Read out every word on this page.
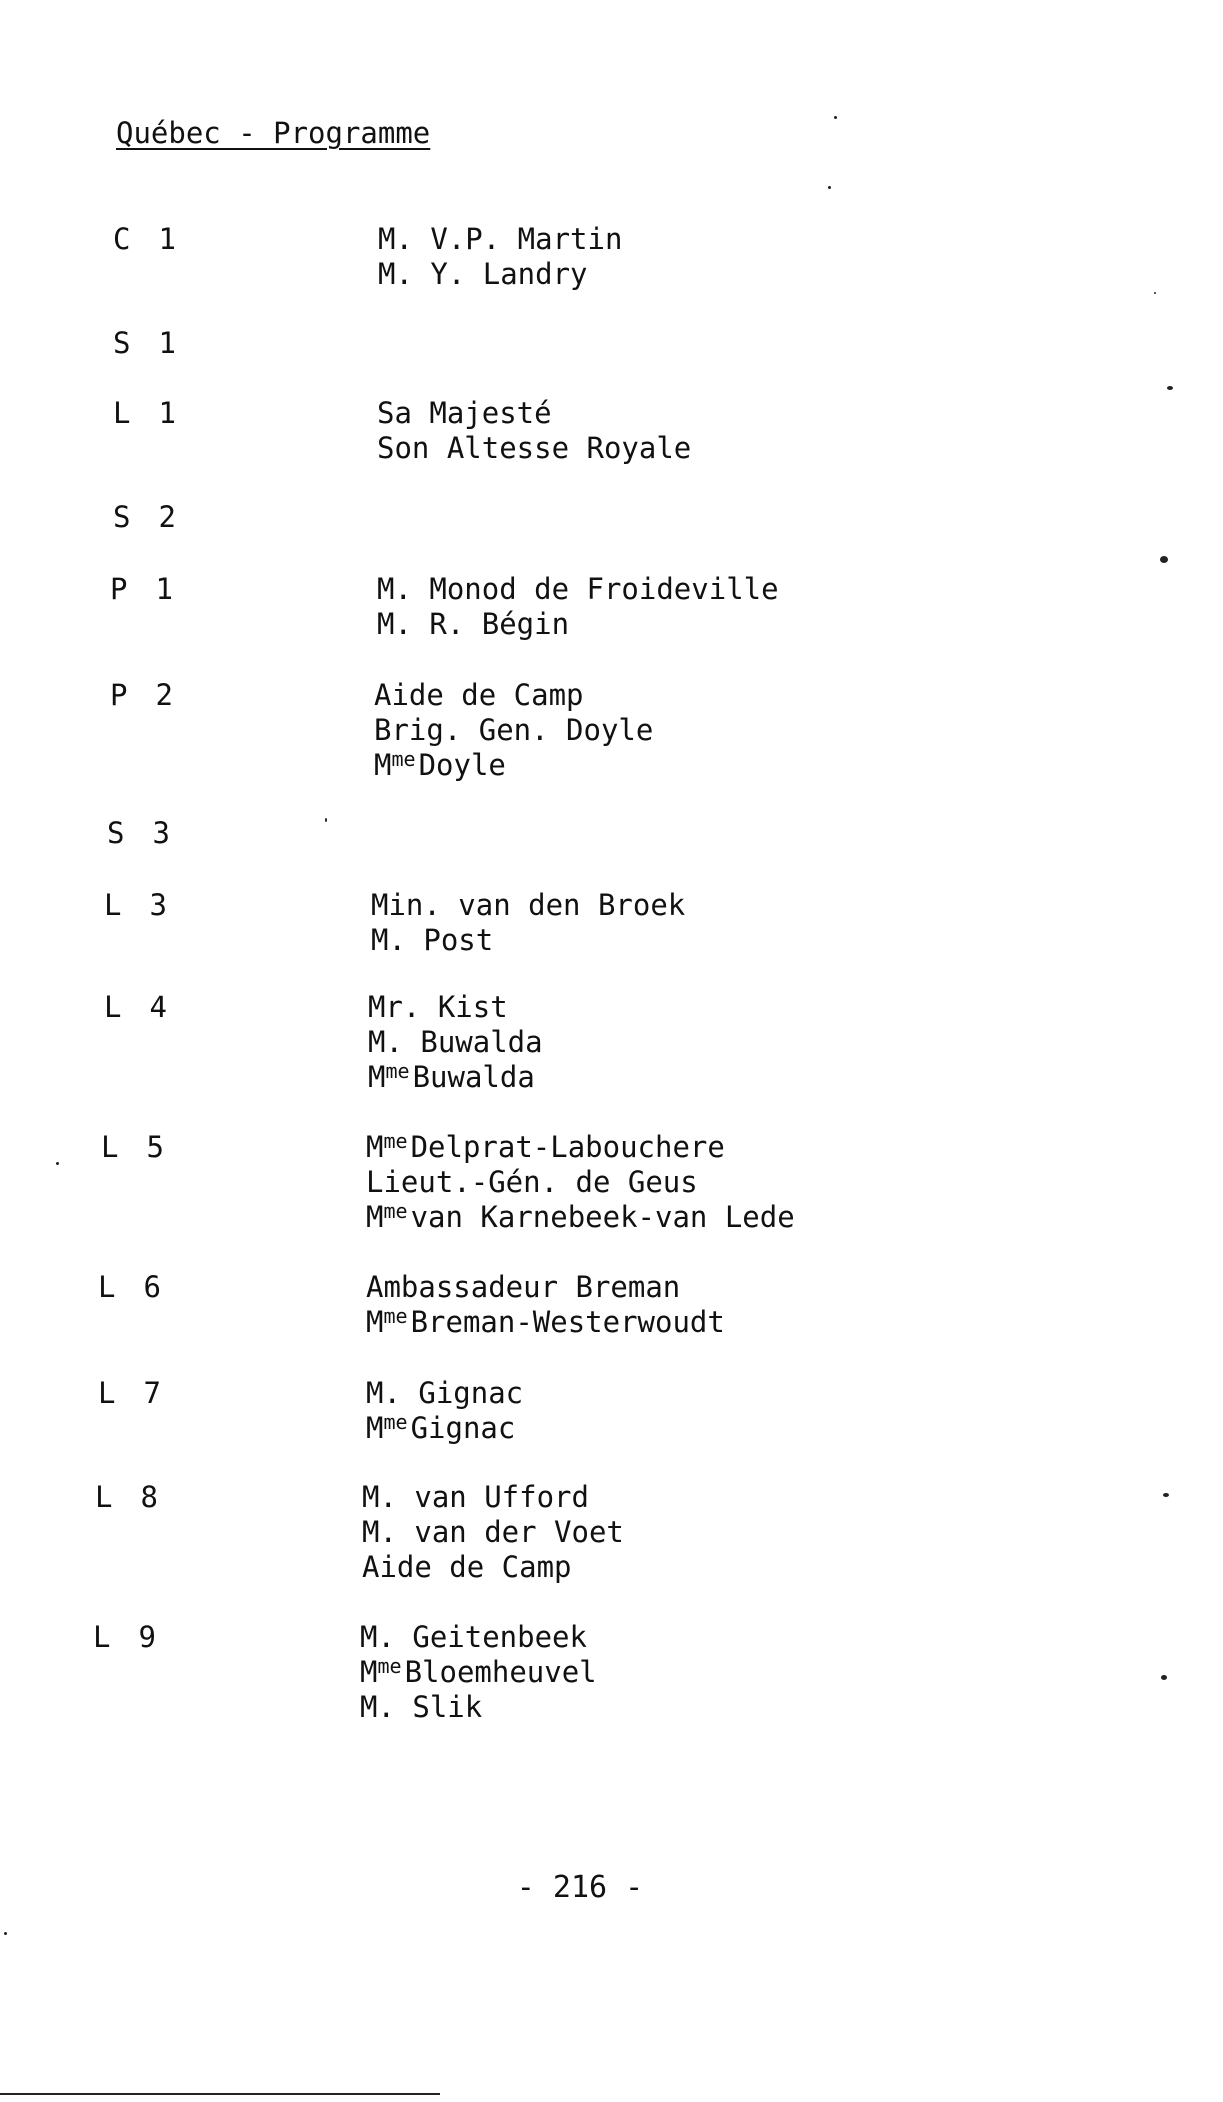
Québec - Programme
C 1	M. V.P. Martin
M. Y. Landry
S 1
L 1	Sa Majesté
Son Altesse Royale
S 2
P 1	M. Monod de Froideville
M. R. Bégin
P 2	Aide de Camp
Brig. Gen. Doyle
$M^{me}$ Doyle
S 3
L 3	Min. van den Broek
M. Post
L 4	Mr. Kist
M. Buwalda
$M^{me}$ Buwalda
L 5	$M^{me}$ Delprat-Labouchere
Lieut.-Gén. de Geus
$M^{me}$ van Karnebeek-van Lede
L 6	Ambassadeur Breman
$M^{me}$ Breman-Westerwoudt
L 7	M. Gignac
$M^{me}$ Gignac
L 8	M. van Ufford
M. van der Voet
Aide de Camp
L 9	M. Geitenbeek
$M^{me}$ Bloemheuvel
M. Slik
- 216 -
